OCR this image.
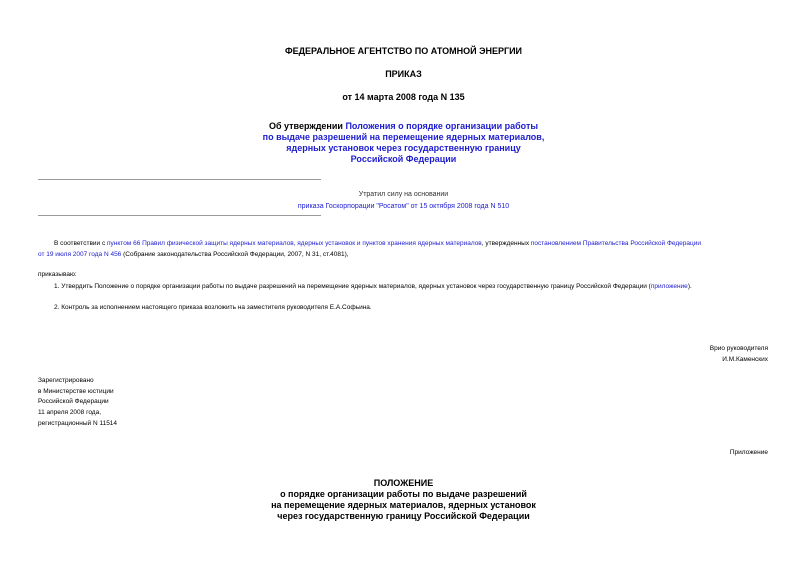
ФЕДЕРАЛЬНОЕ АГЕНТСТВО ПО АТОМНОЙ ЭНЕРГИИ
ПРИКАЗ
от 14 марта 2008 года N 135
Об утверждении Положения о порядке организации работы
по выдаче разрешений на перемещение ядерных материалов,
ядерных установок через государственную границу
Российской Федерации
Утратил силу на основании
приказа Госкорпорации "Росатом" от 15 октября 2008 года N 510
В соответствии с пунктом 66 Правил физической защиты ядерных материалов, ядерных установок и пунктов хранения ядерных материалов, утвержденных постановлением Правительства Российской Федерации
от 19 июля 2007 года N 456 (Собрание законодательства Российской Федерации, 2007, N 31, ст.4081),
приказываю:
1. Утвердить Положение о порядке организации работы по выдаче разрешений на перемещение ядерных материалов, ядерных установок через государственную границу Российской Федерации (приложение).
2. Контроль за исполнением настоящего приказа возложить на заместителя руководителя Е.А.Софьина.
Врио руководителя
И.М.Каменских
Зарегистрировано
в Министерстве юстиции
Российской Федерации
11 апреля 2008 года,
регистрационный N 11514
Приложение
ПОЛОЖЕНИЕ
о порядке организации работы по выдаче разрешений
на перемещение ядерных материалов, ядерных установок
через государственную границу Российской Федерации
